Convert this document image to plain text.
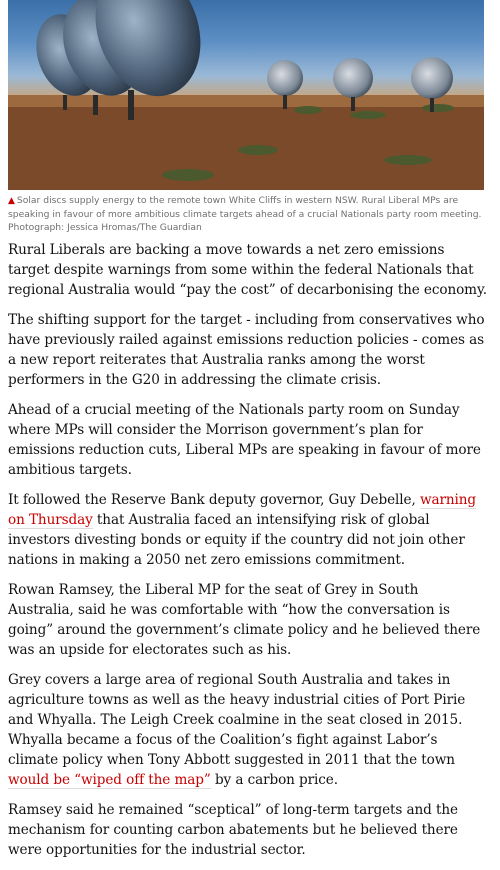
▲ Solar discs supply energy to the remote town White Cliffs in western NSW. Rural Liberal MPs are speaking in favour of more ambitious climate targets ahead of a crucial Nationals party room meeting. Photograph: Jessica Hromas/The Guardian

Rural Liberals are backing a move towards a net zero emissions target despite warnings from some within the federal Nationals that regional Australia would “pay the cost” of decarbonising the economy.

The shifting support for the target - including from conservatives who have previously railed against emissions reduction policies - comes as a new report reiterates that Australia ranks among the worst performers in the G20 in addressing the climate crisis.

Ahead of a crucial meeting of the Nationals party room on Sunday where MPs will consider the Morrison government’s plan for emissions reduction cuts, Liberal MPs are speaking in favour of more ambitious targets.

It followed the Reserve Bank deputy governor, Guy Debelle, warning on Thursday that Australia faced an intensifying risk of global investors divesting bonds or equity if the country did not join other nations in making a 2050 net zero emissions commitment.

Rowan Ramsey, the Liberal MP for the seat of Grey in South Australia, said he was comfortable with “how the conversation is going” around the government’s climate policy and he believed there was an upside for electorates such as his.

Grey covers a large area of regional South Australia and takes in agriculture towns as well as the heavy industrial cities of Port Pirie and Whyalla. The Leigh Creek coalmine in the seat closed in 2015. Whyalla became a focus of the Coalition’s fight against Labor’s climate policy when Tony Abbott suggested in 2011 that the town would be “wiped off the map” by a carbon price.

Ramsey said he remained “sceptical” of long-term targets and the mechanism for counting carbon abatements but he believed there were opportunities for the industrial sector.
